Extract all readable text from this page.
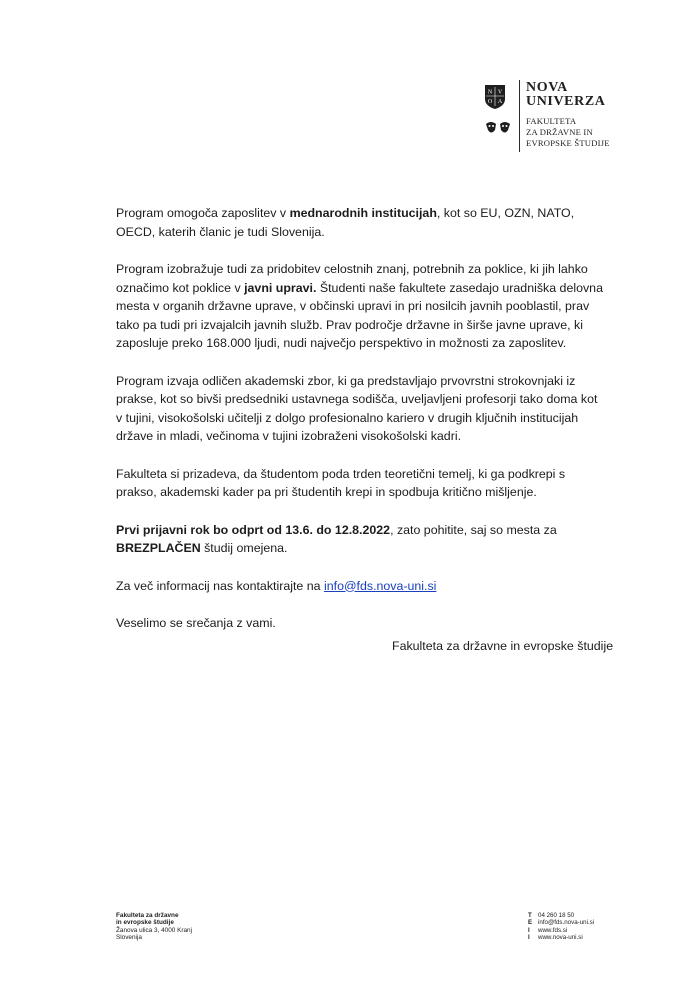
N V
O A
NOVA
UNIVERZA
FAKULTETA
ZA DRŽAVNE IN
EVROPSKE ŠTUDIJE

Program omogoča zaposlitev v mednarodnih institucijah, kot so EU, OZN, NATO, OECD, katerih članic je tudi Slovenija.

Program izobražuje tudi za pridobitev celostnih znanj, potrebnih za poklice, ki jih lahko označimo kot poklice v javni upravi. Študenti naše fakultete zasedajo uradniška delovna mesta v organih državne uprave, v občinski upravi in pri nosilcih javnih pooblastil, prav tako pa tudi pri izvajalcih javnih služb. Prav področje državne in širše javne uprave, ki zaposluje preko 168.000 ljudi, nudi največjo perspektivo in možnosti za zaposlitev.

Program izvaja odličen akademski zbor, ki ga predstavljajo prvovrstni strokovnjaki iz prakse, kot so bivši predsedniki ustavnega sodišča, uveljavljeni profesorji tako doma kot v tujini, visokošolski učitelji z dolgo profesionalno kariero v drugih ključnih institucijah države in mladi, večinoma v tujini izobraženi visokošolski kadri.

Fakulteta si prizadeva, da študentom poda trden teoretični temelj, ki ga podkrepi s prakso, akademski kader pa pri študentih krepi in spodbuja kritično mišljenje.

Prvi prijavni rok bo odprt od 13.6. do 12.8.2022, zato pohitite, saj so mesta za BREZPLAČEN študij omejena.

Za več informacij nas kontaktirajte na info@fds.nova-uni.si

Veselimo se srečanja z vami.

Fakulteta za državne in evropske študije
Fakulteta za državne
in evropske študije
Žanova ulica 3, 4000 Kranj
Slovenija
T 04 260 18 50
E info@fds.nova-uni.si
I www.fds.si
I www.nova-uni.si
